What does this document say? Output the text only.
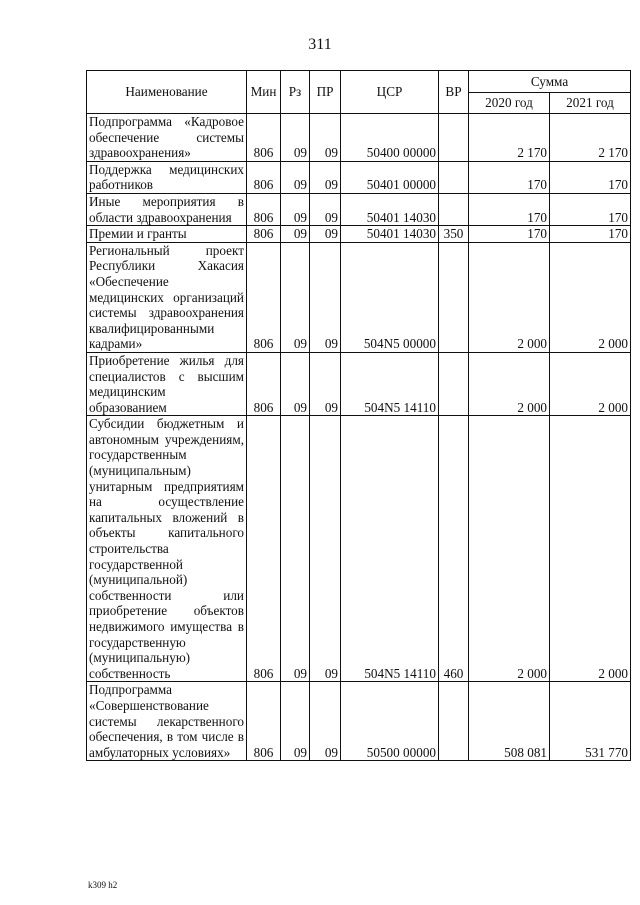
311
Наименование	Мин	Рз	ПР	ЦСР	ВР	Сумма	
						2020 год	2021 год
Подпрограмма «Кадровое обеспечение системы здравоохранения»	806	09	09	50400 00000		2 170	2 170
Поддержка медицинских работников	806	09	09	50401 00000		170	170
Иные мероприятия в области здравоохранения	806	09	09	50401 14030		170	170
Премии и гранты	806	09	09	50401 14030	350	170	170
Региональный проект Республики Хакасия «Обеспечение медицинских организаций системы здравоохранения квалифицированными кадрами»	806	09	09	504N5 00000		2 000	2 000
Приобретение жилья для специалистов с высшим медицинским образованием	806	09	09	504N5 14110		2 000	2 000
Субсидии бюджетным и автономным учреждениям, государственным (муниципальным) унитарным предприятиям на осуществление капитальных вложений в объекты капитального строительства государственной (муниципальной) собственности или приобретение объектов недвижимого имущества в государственную (муниципальную) собственность	806	09	09	504N5 14110	460	2 000	2 000
Подпрограмма «Совершенствование системы лекарственного обеспечения, в том числе в амбулаторных условиях»	806	09	09	50500 00000		508 081	531 770
k309 h2
